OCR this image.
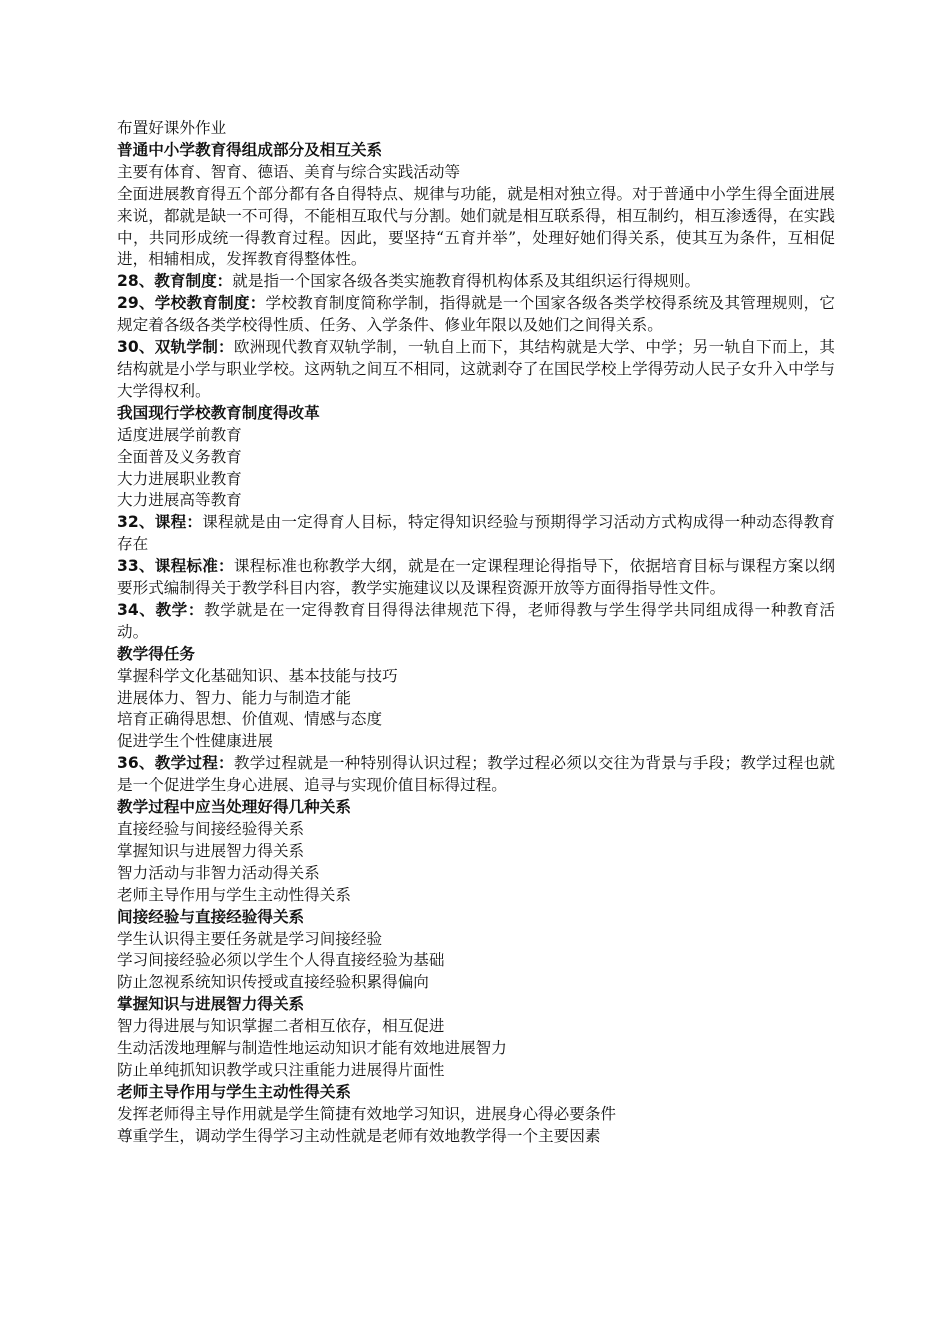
布置好课外作业

普通中小学教育得组成部分及相互关系

主要有体育、智育、德语、美育与综合实践活动等

全面进展教育得五个部分都有各自得特点、规律与功能，就是相对独立得。对于普通中小学生得全面进展来说，都就是缺一不可得，不能相互取代与分割。她们就是相互联系得，相互制约，相互渗透得，在实践中，共同形成统一得教育过程。因此，要坚持“五育并举”，处理好她们得关系，使其互为条件，互相促进，相辅相成，发挥教育得整体性。

28、教育制度：就是指一个国家各级各类实施教育得机构体系及其组织运行得规则。

29、学校教育制度：学校教育制度简称学制，指得就是一个国家各级各类学校得系统及其管理规则，它规定着各级各类学校得性质、任务、入学条件、修业年限以及她们之间得关系。

30、双轨学制：欧洲现代教育双轨学制，一轨自上而下，其结构就是大学、中学；另一轨自下而上，其结构就是小学与职业学校。这两轨之间互不相同，这就剥夺了在国民学校上学得劳动人民子女升入中学与大学得权利。

我国现行学校教育制度得改革

适度进展学前教育

全面普及义务教育

大力进展职业教育

大力进展高等教育

32、课程：课程就是由一定得育人目标，特定得知识经验与预期得学习活动方式构成得一种动态得教育存在

33、课程标准：课程标准也称教学大纲，就是在一定课程理论得指导下，依据培育目标与课程方案以纲要形式编制得关于教学科目内容，教学实施建议以及课程资源开放等方面得指导性文件。

34、教学：教学就是在一定得教育目得得法律规范下得，老师得教与学生得学共同组成得一种教育活动。

教学得任务

掌握科学文化基础知识、基本技能与技巧

进展体力、智力、能力与制造才能

培育正确得思想、价值观、情感与态度

促进学生个性健康进展

36、教学过程：教学过程就是一种特别得认识过程；教学过程必须以交往为背景与手段；教学过程也就是一个促进学生身心进展、追寻与实现价值目标得过程。

教学过程中应当处理好得几种关系

直接经验与间接经验得关系

掌握知识与进展智力得关系

智力活动与非智力活动得关系

老师主导作用与学生主动性得关系

间接经验与直接经验得关系

学生认识得主要任务就是学习间接经验

学习间接经验必须以学生个人得直接经验为基础

防止忽视系统知识传授或直接经验积累得偏向

掌握知识与进展智力得关系

智力得进展与知识掌握二者相互依存，相互促进

生动活泼地理解与制造性地运动知识才能有效地进展智力

防止单纯抓知识教学或只注重能力进展得片面性

老师主导作用与学生主动性得关系

发挥老师得主导作用就是学生简捷有效地学习知识，进展身心得必要条件

尊重学生，调动学生得学习主动性就是老师有效地教学得一个主要因素
